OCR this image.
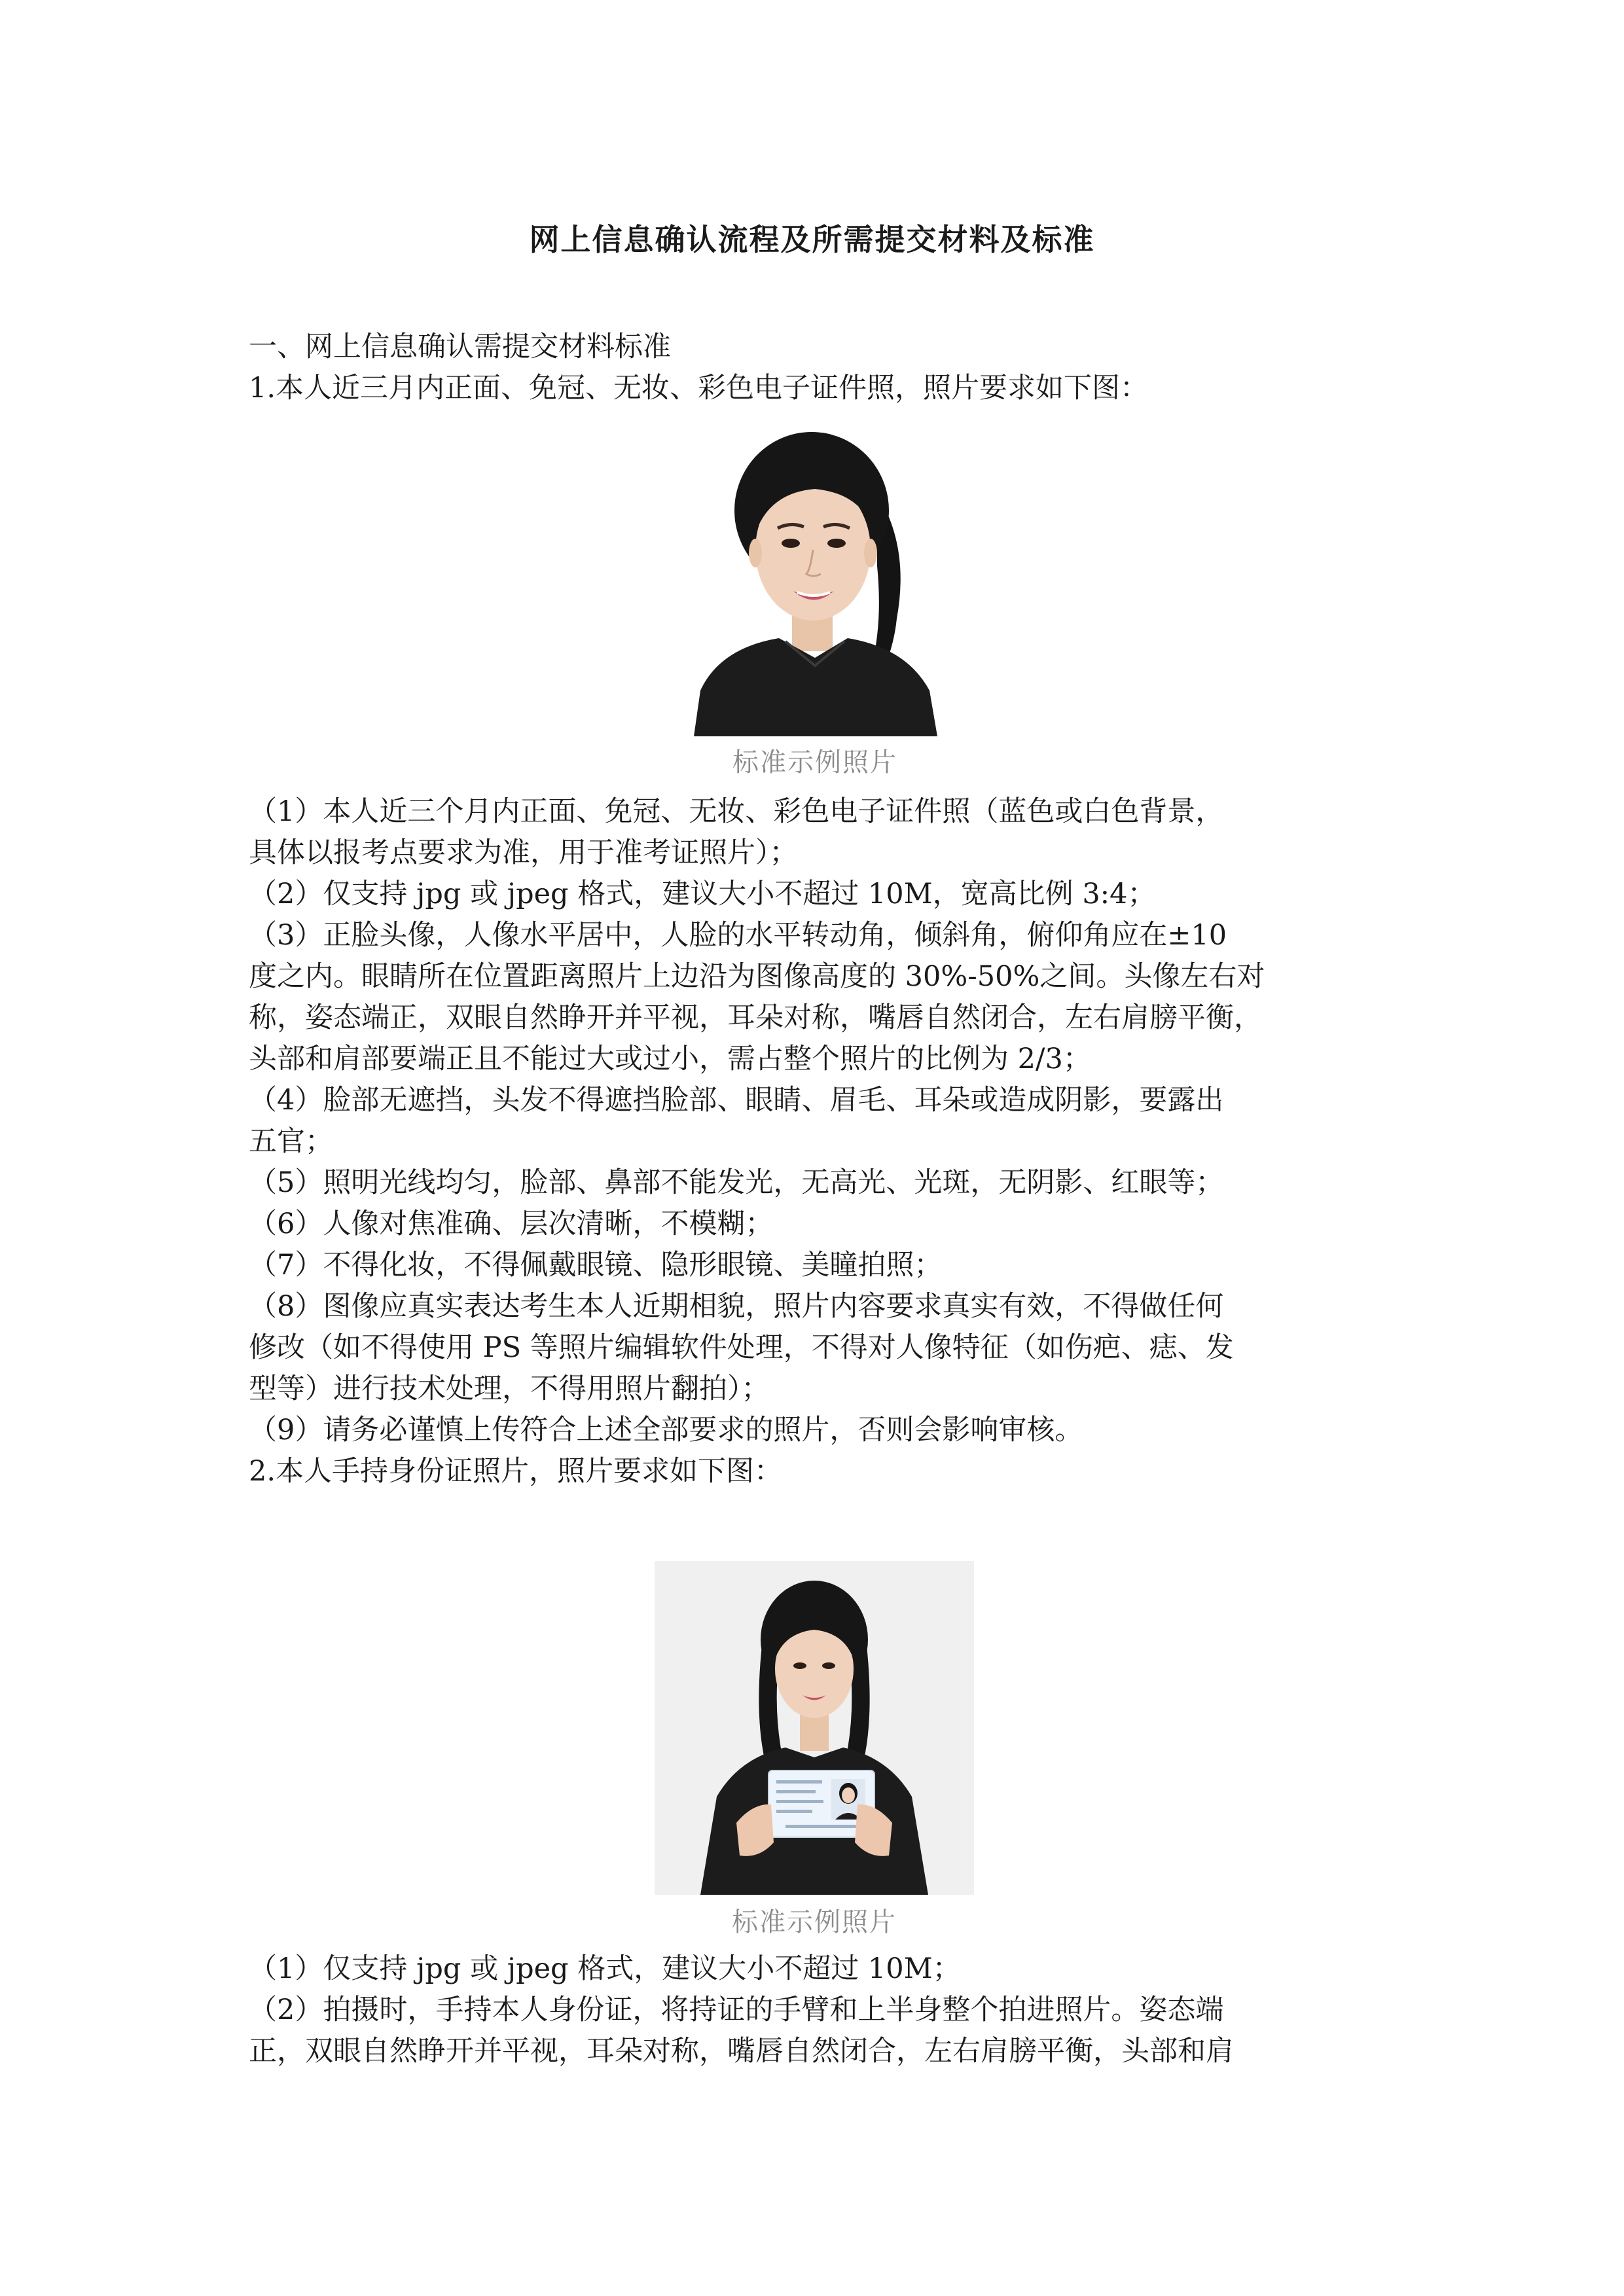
网上信息确认流程及所需提交材料及标准

一、网上信息确认需提交材料标准

1.本人近三月内正面、免冠、无妆、彩色电子证件照，照片要求如下图：

标准示例照片

（1）本人近三个月内正面、免冠、无妆、彩色电子证件照（蓝色或白色背景，

具体以报考点要求为准，用于准考证照片）；

（2）仅支持 jpg 或 jpeg 格式，建议大小不超过 10M，宽高比例 3:4；

（3）正脸头像，人像水平居中，人脸的水平转动角，倾斜角，俯仰角应在±10

度之内。眼睛所在位置距离照片上边沿为图像高度的 30%-50%之间。头像左右对

称，姿态端正，双眼自然睁开并平视，耳朵对称，嘴唇自然闭合，左右肩膀平衡，

头部和肩部要端正且不能过大或过小，需占整个照片的比例为 2/3；

（4）脸部无遮挡，头发不得遮挡脸部、眼睛、眉毛、耳朵或造成阴影，要露出

五官；

（5）照明光线均匀，脸部、鼻部不能发光，无高光、光斑，无阴影、红眼等；

（6）人像对焦准确、层次清晰，不模糊；

（7）不得化妆，不得佩戴眼镜、隐形眼镜、美瞳拍照；

（8）图像应真实表达考生本人近期相貌，照片内容要求真实有效，不得做任何

修改（如不得使用 PS 等照片编辑软件处理，不得对人像特征（如伤疤、痣、发

型等）进行技术处理，不得用照片翻拍）；

（9）请务必谨慎上传符合上述全部要求的照片，否则会影响审核。

2.本人手持身份证照片，照片要求如下图：

标准示例照片

（1）仅支持 jpg 或 jpeg 格式，建议大小不超过 10M；

（2）拍摄时，手持本人身份证，将持证的手臂和上半身整个拍进照片。姿态端

正，双眼自然睁开并平视，耳朵对称，嘴唇自然闭合，左右肩膀平衡，头部和肩
